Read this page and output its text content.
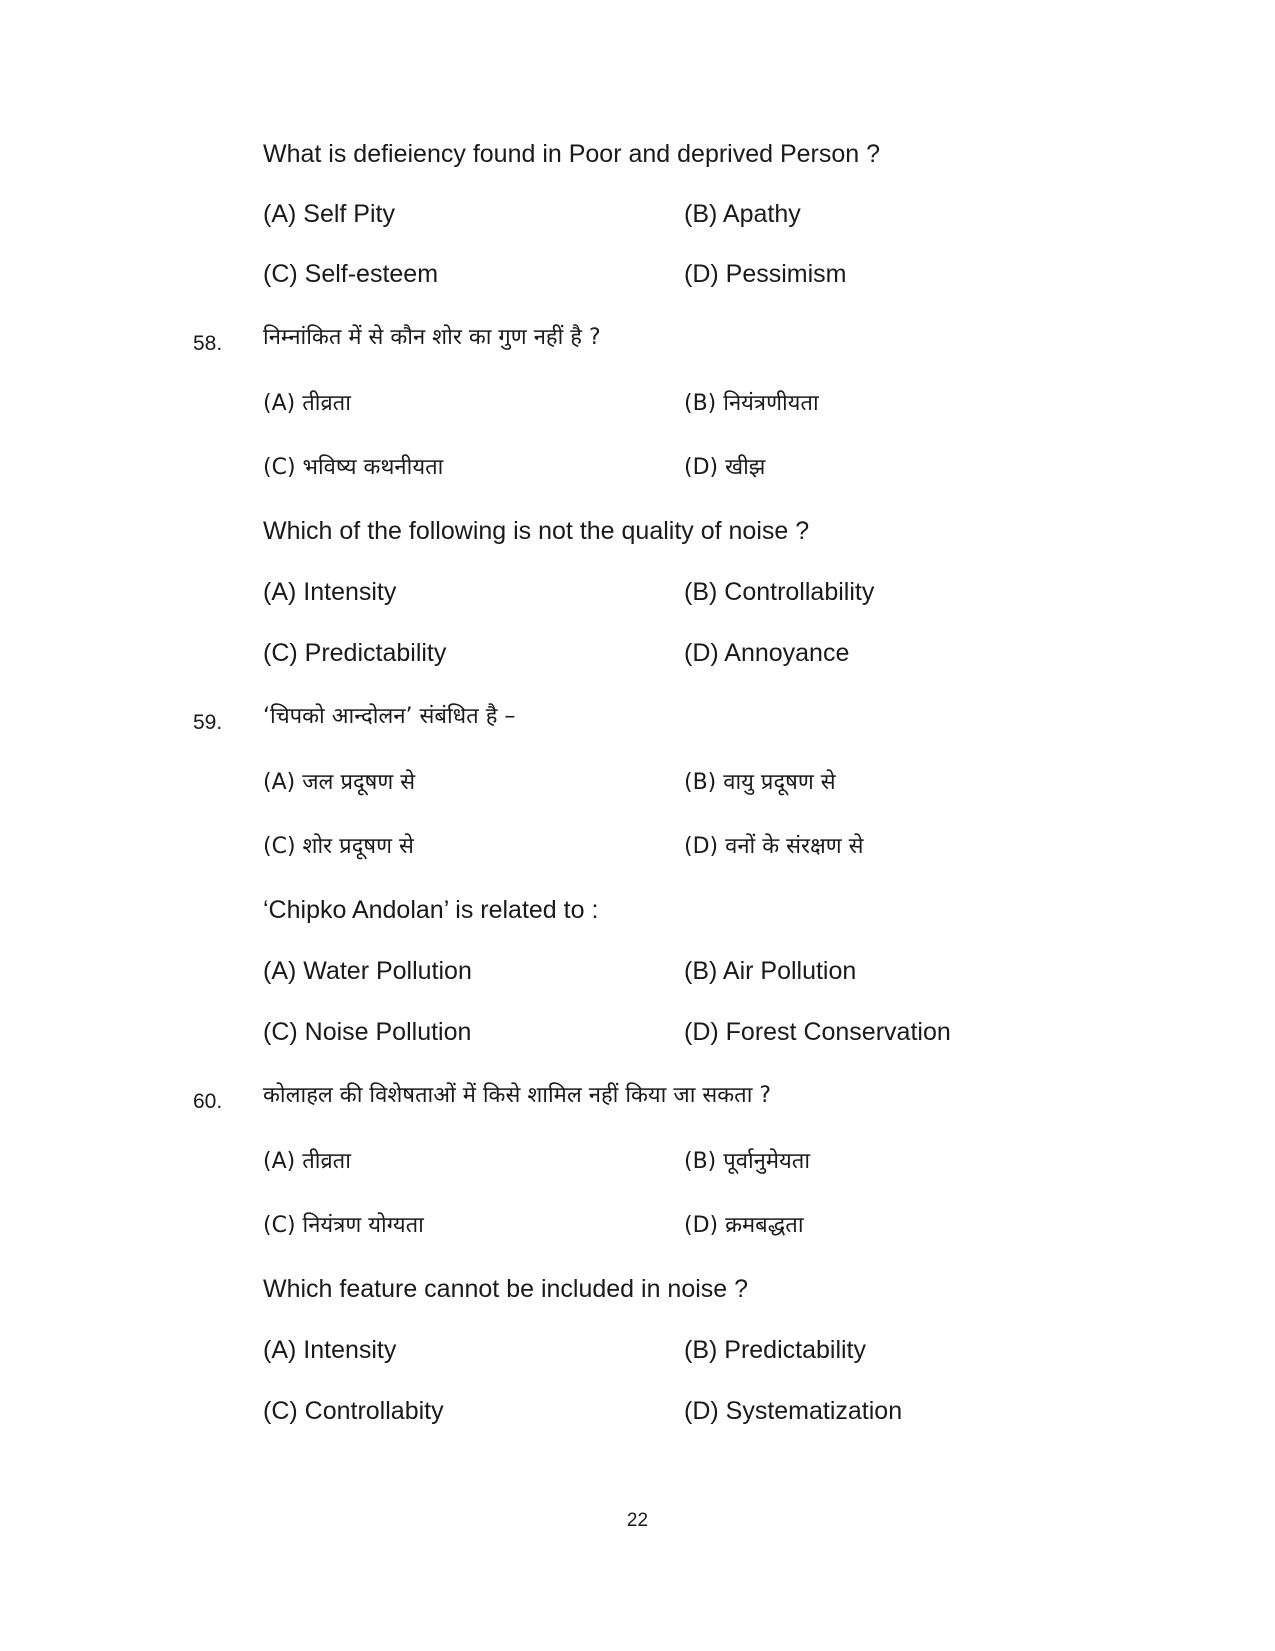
What is defieiency found in Poor and deprived Person ?
(A) Self Pity	(B) Apathy
(C) Self-esteem	(D) Pessimism
58. निम्नांकित में से कौन शोर का गुण नहीं है ?
(A) तीव्रता	(B) नियंत्रणीयता
(C) भविष्य कथनीयता	(D) खीझ
Which of the following is not the quality of noise ?
(A) Intensity	(B) Controllability
(C) Predictability	(D) Annoyance
59. ‘चिपको आन्दोलन’ संबंधित है –
(A) जल प्रदूषण से	(B) वायु प्रदूषण से
(C) शोर प्रदूषण से	(D) वनों के संरक्षण से
‘Chipko Andolan’ is related to :
(A) Water Pollution	(B) Air Pollution
(C) Noise Pollution	(D) Forest Conservation
60. कोलाहल की विशेषताओं में किसे शामिल नहीं किया जा सकता ?
(A) तीव्रता	(B) पूर्वानुमेयता
(C) नियंत्रण योग्यता	(D) क्रमबद्धता
Which feature cannot be included in noise ?
(A) Intensity	(B) Predictability
(C) Controllabity	(D) Systematization
22
